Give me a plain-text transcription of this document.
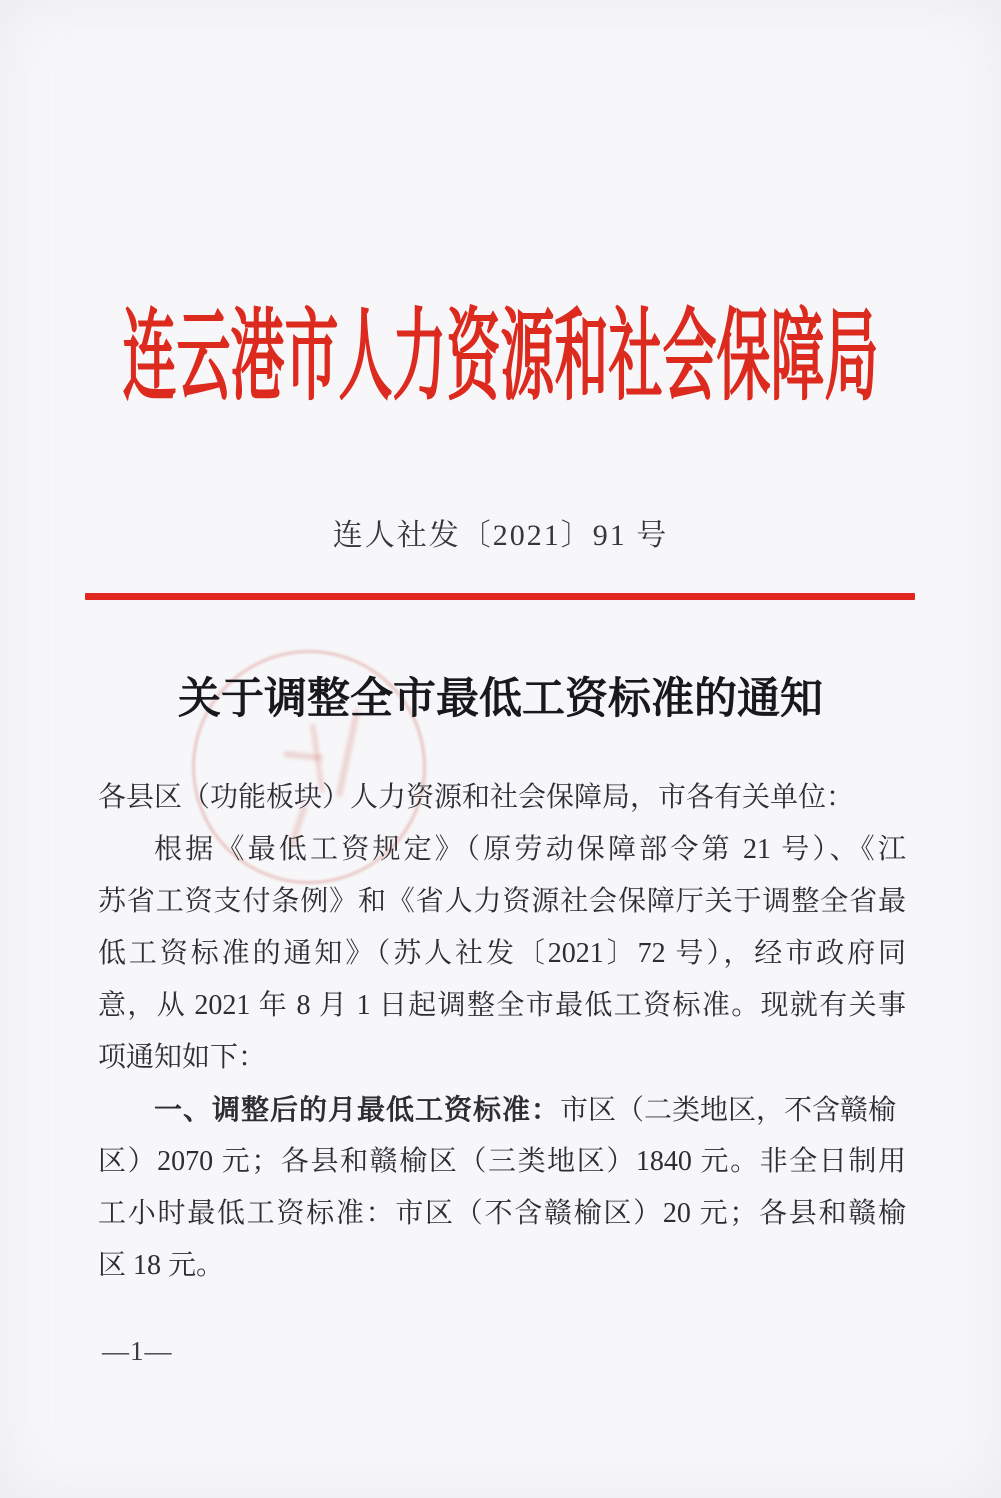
连云港市人力资源和社会保障局
连人社发〔2021〕91 号
关于调整全市最低工资标准的通知
各县区（功能板块）人力资源和社会保障局，市各有关单位：
根据《最低工资规定》（原劳动保障部令第 21 号）、《江
苏省工资支付条例》和《省人力资源社会保障厅关于调整全省最
低工资标准的通知》（苏人社发〔2021〕72 号），经市政府同
意，从 2021 年 8 月 1 日起调整全市最低工资标准。现就有关事
项通知如下：
一、调整后的月最低工资标准：市区（二类地区，不含赣榆
区）2070 元；各县和赣榆区（三类地区）1840 元。非全日制用
工小时最低工资标准：市区（不含赣榆区）20 元；各县和赣榆
区 18 元。
—1—
